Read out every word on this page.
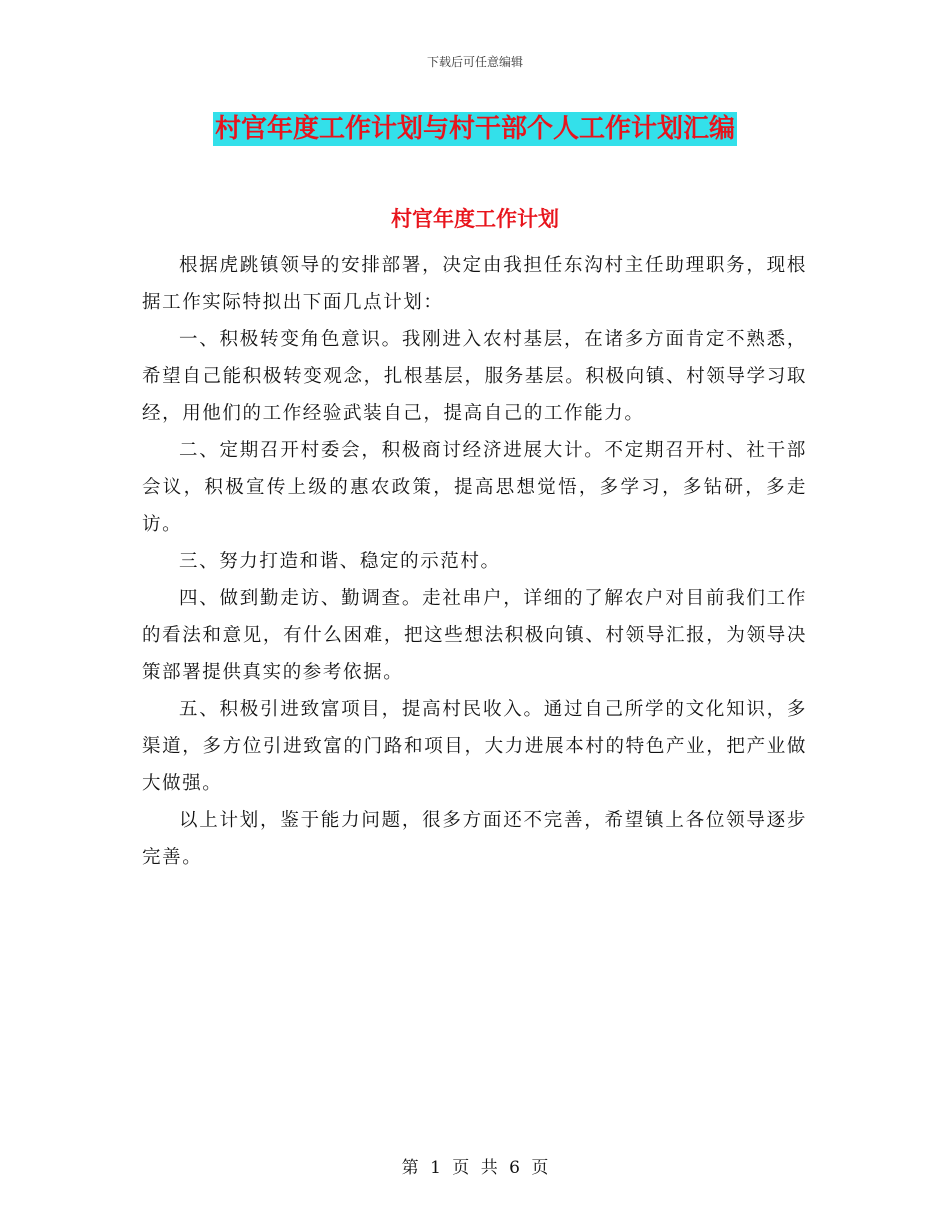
下载后可任意编辑
村官年度工作计划与村干部个人工作计划汇编
村官年度工作计划

根据虎跳镇领导的安排部署，决定由我担任东沟村主任助理职务，现根据工作实际特拟出下面几点计划：

一、积极转变角色意识。我刚进入农村基层，在诸多方面肯定不熟悉，希望自己能积极转变观念，扎根基层，服务基层。积极向镇、村领导学习取经，用他们的工作经验武装自己，提高自己的工作能力。

二、定期召开村委会，积极商讨经济进展大计。不定期召开村、社干部会议，积极宣传上级的惠农政策，提高思想觉悟，多学习，多钻研，多走访。

三、努力打造和谐、稳定的示范村。

四、做到勤走访、勤调查。走社串户，详细的了解农户对目前我们工作的看法和意见，有什么困难，把这些想法积极向镇、村领导汇报，为领导决策部署提供真实的参考依据。

五、积极引进致富项目，提高村民收入。通过自己所学的文化知识，多渠道，多方位引进致富的门路和项目，大力进展本村的特色产业，把产业做大做强。

以上计划，鉴于能力问题，很多方面还不完善，希望镇上各位领导逐步完善。

第 1 页 共 6 页
